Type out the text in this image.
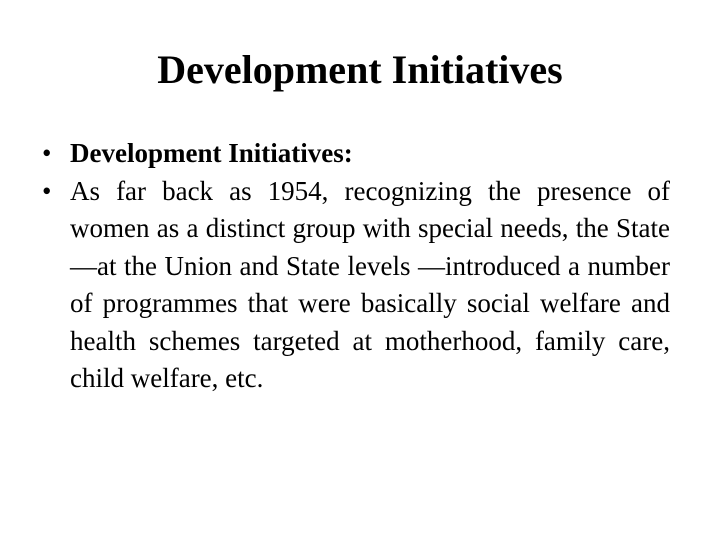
Development Initiatives
• Development Initiatives:
• As far back as 1954, recognizing the presence of women as a distinct group with special needs, the State—at the Union and State levels —introduced a number of programmes that were basically social welfare and health schemes targeted at motherhood, family care, child welfare, etc.
